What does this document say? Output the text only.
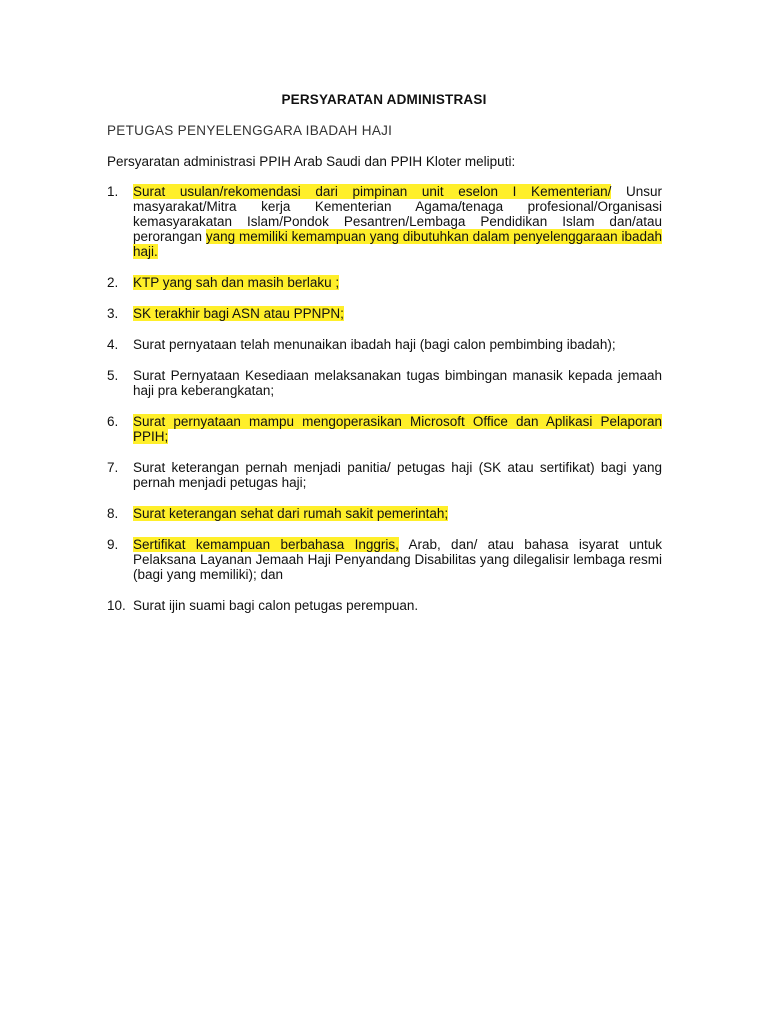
PERSYARATAN ADMINISTRASI
PETUGAS PENYELENGGARA IBADAH HAJI
Persyaratan administrasi PPIH Arab Saudi dan PPIH Kloter meliputi:
1. Surat usulan/rekomendasi dari pimpinan unit eselon I Kementerian/ Unsur masyarakat/Mitra kerja Kementerian Agama/tenaga profesional/Organisasi kemasyarakatan Islam/Pondok Pesantren/Lembaga Pendidikan Islam dan/atau perorangan yang memiliki kemampuan yang dibutuhkan dalam penyelenggaraan ibadah haji.
2. KTP yang sah dan masih berlaku ;
3. SK terakhir bagi ASN atau PPNPN;
4. Surat pernyataan telah menunaikan ibadah haji (bagi calon pembimbing ibadah);
5. Surat Pernyataan Kesediaan melaksanakan tugas bimbingan manasik kepada jemaah haji pra keberangkatan;
6. Surat pernyataan mampu mengoperasikan Microsoft Office dan Aplikasi Pelaporan PPIH;
7. Surat keterangan pernah menjadi panitia/ petugas haji (SK atau sertifikat) bagi yang pernah menjadi petugas haji;
8. Surat keterangan sehat dari rumah sakit pemerintah;
9. Sertifikat kemampuan berbahasa Inggris, Arab, dan/ atau bahasa isyarat untuk Pelaksana Layanan Jemaah Haji Penyandang Disabilitas yang dilegalisir lembaga resmi (bagi yang memiliki); dan
10. Surat ijin suami bagi calon petugas perempuan.
